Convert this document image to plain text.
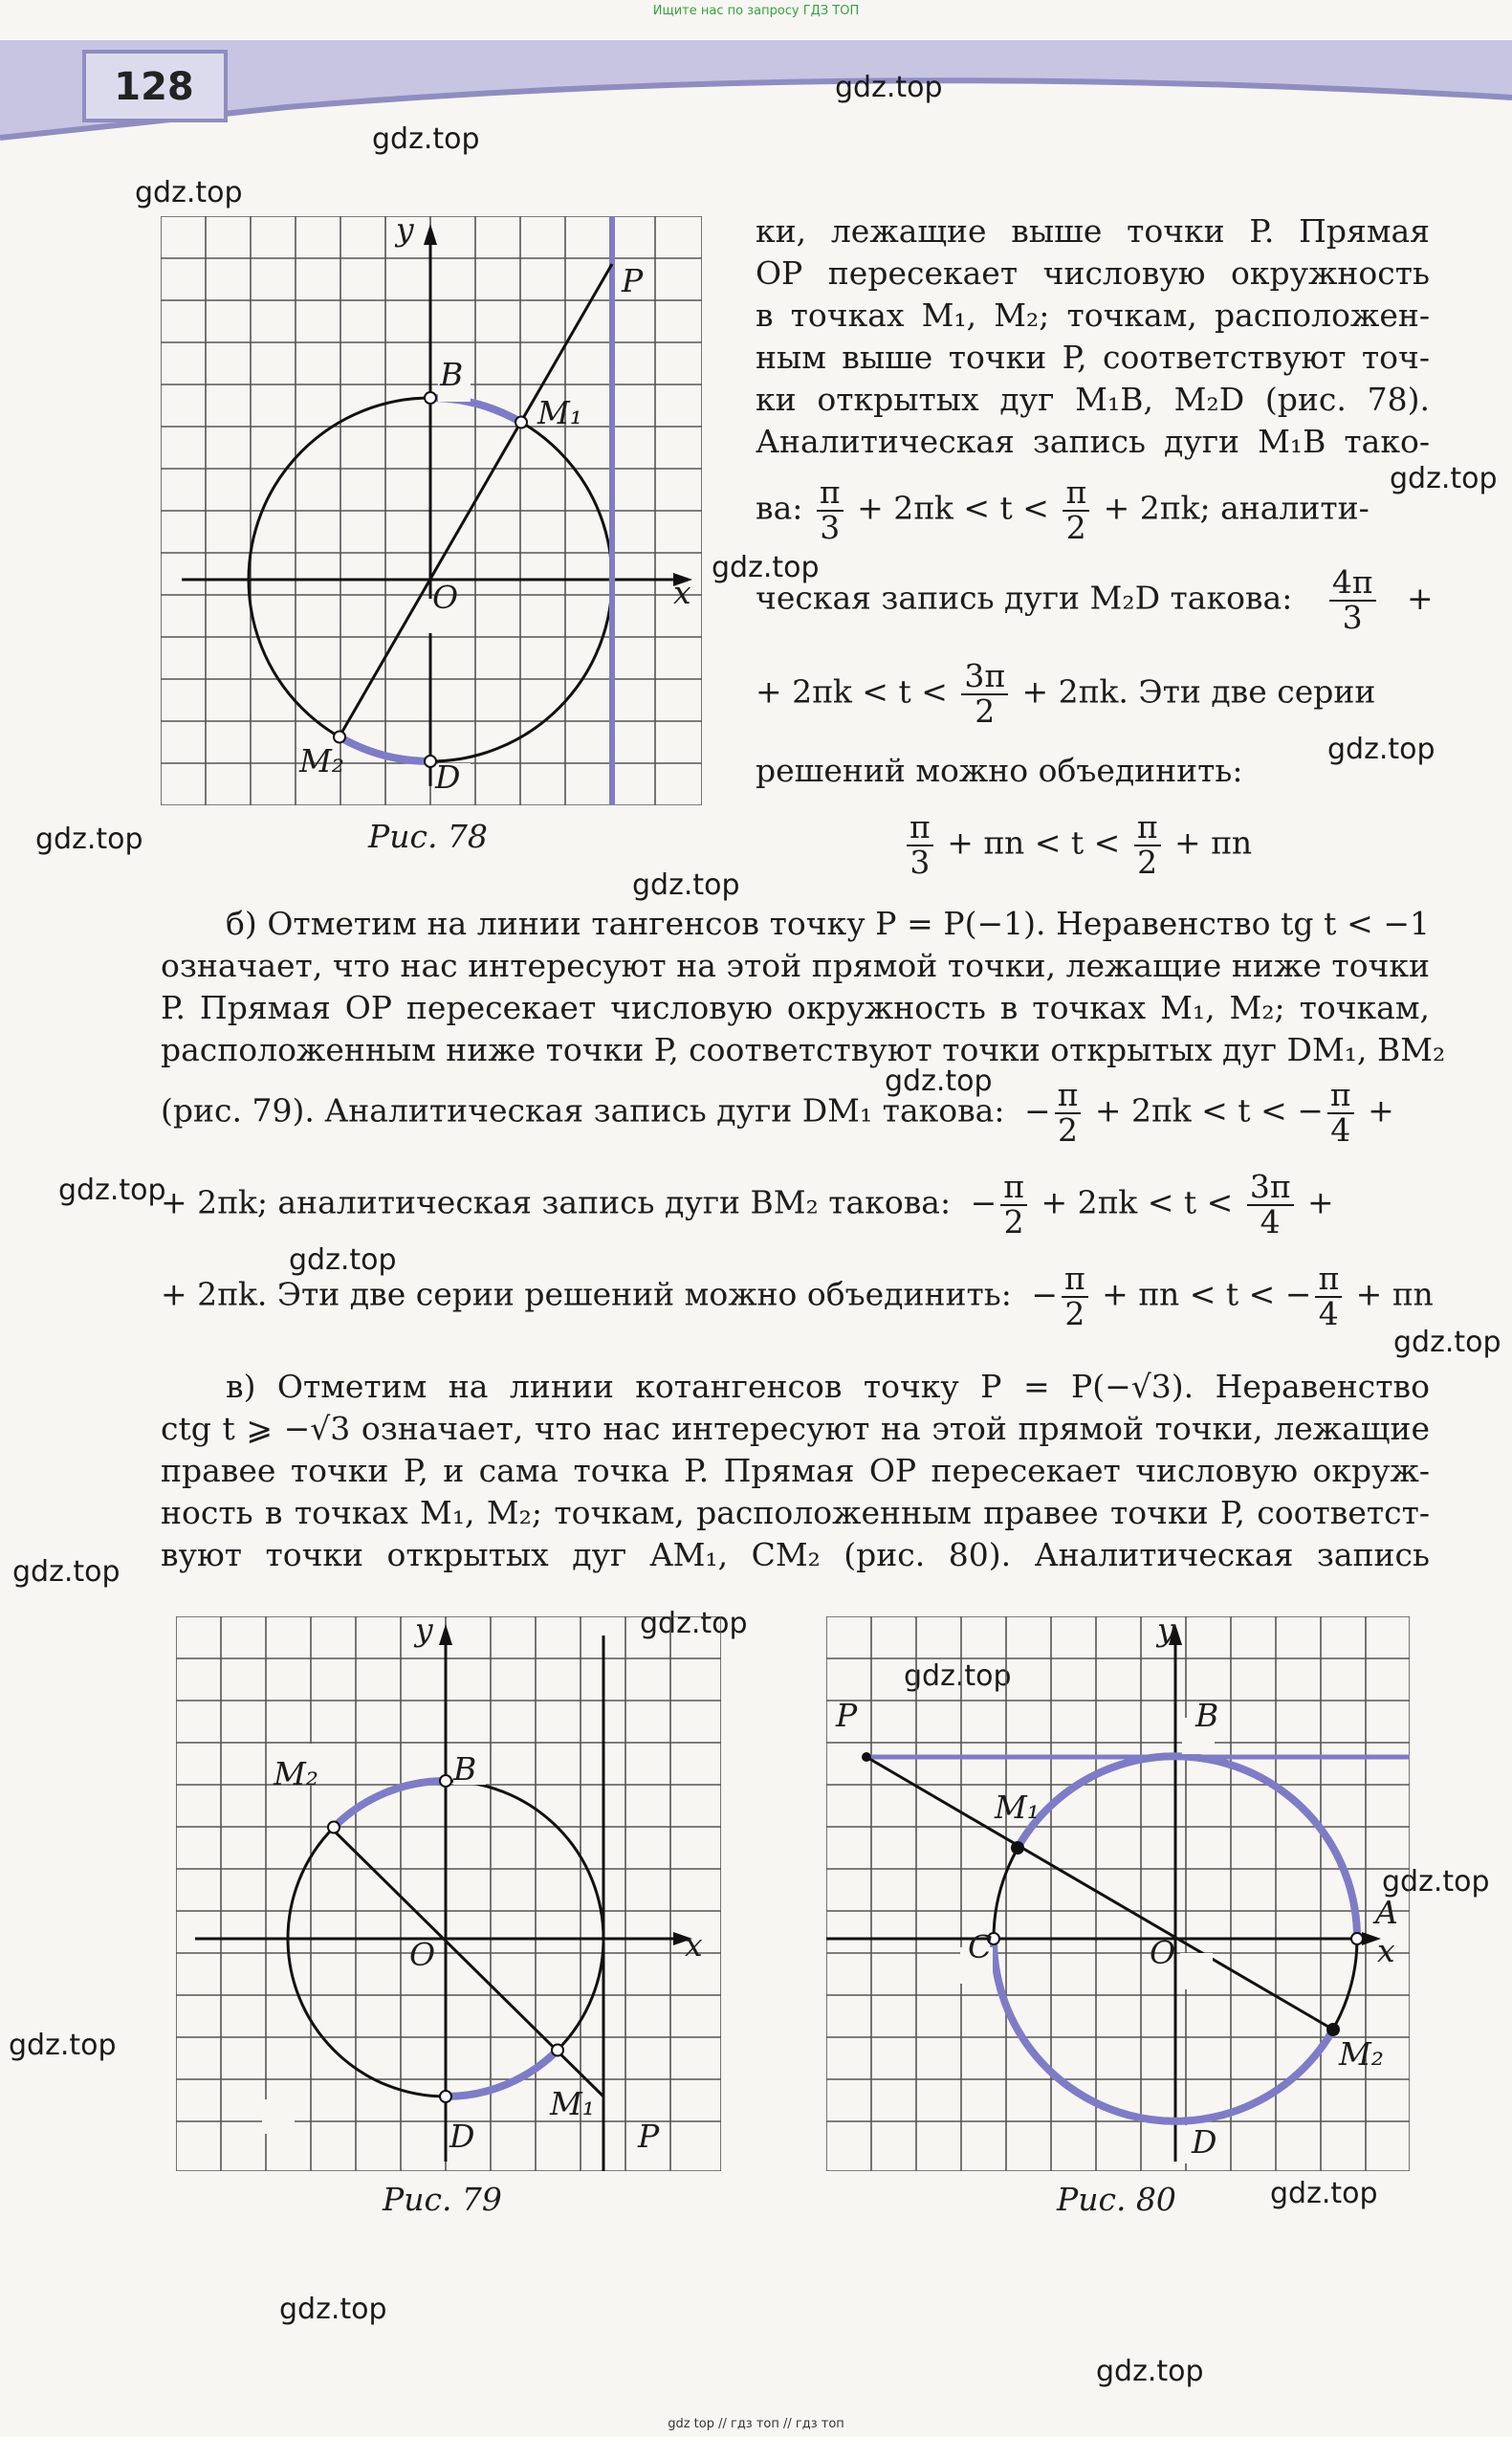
Ищите нас по запросу ГДЗ ТОП
128	gdz.top
gdz.top
gdz.top
gdz.top
gdz.top
gdz.top
gdz.top
gdz.top
gdz.top
gdz.top
gdz.top
gdz.top
gdz.top
gdz.top
gdz.top
gdz.top
gdz.top
gdz.top
gdz.top
gdz.top
y
x
O
B
D
P
M₁
M₂
Рис. 78
ки, лежащие выше точки P. Прямая
OP пересекает числовую окружность
в точках M₁, M₂; точкам, расположен-
ным выше точки P, соответствуют точ-
ки открытых дуг M₁B, M₂D (рис. 78).
Аналитическая запись дуги M₁B тако-
ва: $\frac{\pi}{3} + 2\pi k < t < \frac{\pi}{2} + 2\pi k$; аналити-
ческая запись дуги M₂D такова: $\frac{4\pi}{3}$ +
+ $2\pi k < t < \frac{3\pi}{2} + 2\pi k$. Эти две серии
решений можно объединить:
$\frac{\pi}{3} + \pi n < t < \frac{\pi}{2} + \pi n$
б) Отметим на линии тангенсов точку P = P(−1). Неравенство tg t < −1
означает, что нас интересуют на этой прямой точки, лежащие ниже точки
P. Прямая OP пересекает числовую окружность в точках M₁, M₂; точкам,
расположенным ниже точки P, соответствуют точки открытых дуг DM₁, BM₂
(рис. 79). Аналитическая запись дуги DM₁ такова: − $\frac{\pi}{2} + 2\pi k < t$ < − $\frac{\pi}{4}$ +
+ 2πk; аналитическая запись дуги BM₂ такова: − $\frac{\pi}{2} + 2\pi k < t < \frac{3\pi}{4}$ +
+ 2πk. Эти две серии решений можно объединить: − $\frac{\pi}{2} + \pi n < t$ < − $\frac{\pi}{4} + \pi n$
в) Отметим на линии котангенсов точку P = P(−√3). Неравенство
ctg t ⩾ −√3 означает, что нас интересуют на этой прямой точки, лежащие
правее точки P, и сама точка P. Прямая OP пересекает числовую окруж-
ность в точках M₁, M₂; точкам, расположенным правее точки P, соответст-
вуют точки открытых дуг AM₁, CM₂ (рис. 80). Аналитическая запись
y
x
O
B
D	P
M₁
M₂
Рис. 79
y
x
O
A
B
C
D
P
M₁
M₂
Рис. 80
gdz top // гдз топ // гдз топ
